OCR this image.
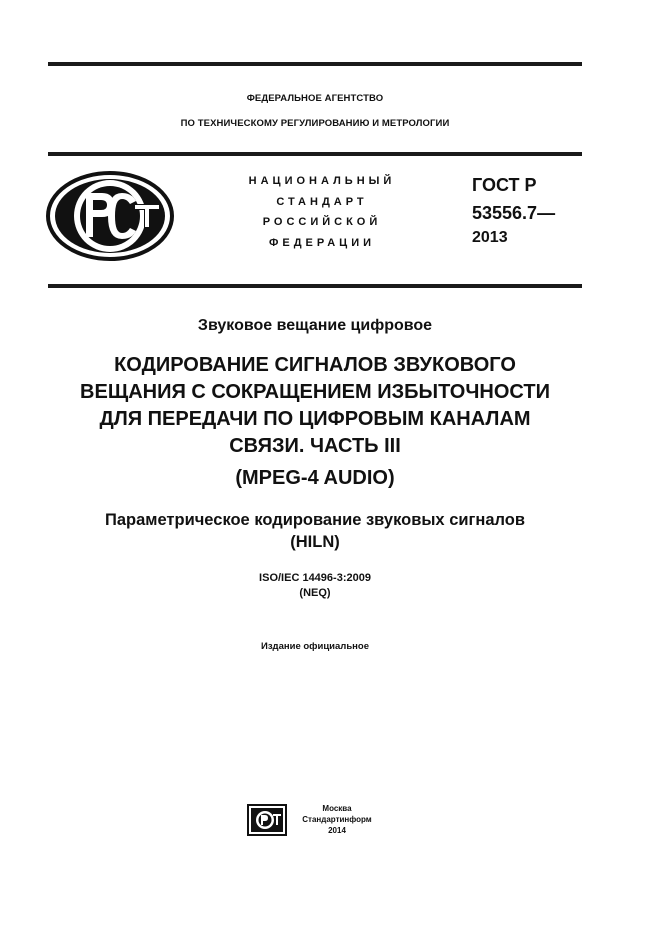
ФЕДЕРАЛЬНОЕ АГЕНТСТВО
ПО ТЕХНИЧЕСКОМУ РЕГУЛИРОВАНИЮ И МЕТРОЛОГИИ
НАЦИОНАЛЬНЫЙ
СТАНДАРТ
РОССИЙСКОЙ
ФЕДЕРАЦИИ
ГОСТ Р
53556.7—
2013
Звуковое вещание цифровое
КОДИРОВАНИЕ СИГНАЛОВ ЗВУКОВОГО
ВЕЩАНИЯ С СОКРАЩЕНИЕМ ИЗБЫТОЧНОСТИ
ДЛЯ ПЕРЕДАЧИ ПО ЦИФРОВЫМ КАНАЛАМ
СВЯЗИ. ЧАСТЬ III
(MPEG-4 AUDIO)
Параметрическое кодирование звуковых сигналов
(HILN)
ISO/IEC 14496-3:2009
(NEQ)
Издание официальное
Москва
Стандартинформ
2014
